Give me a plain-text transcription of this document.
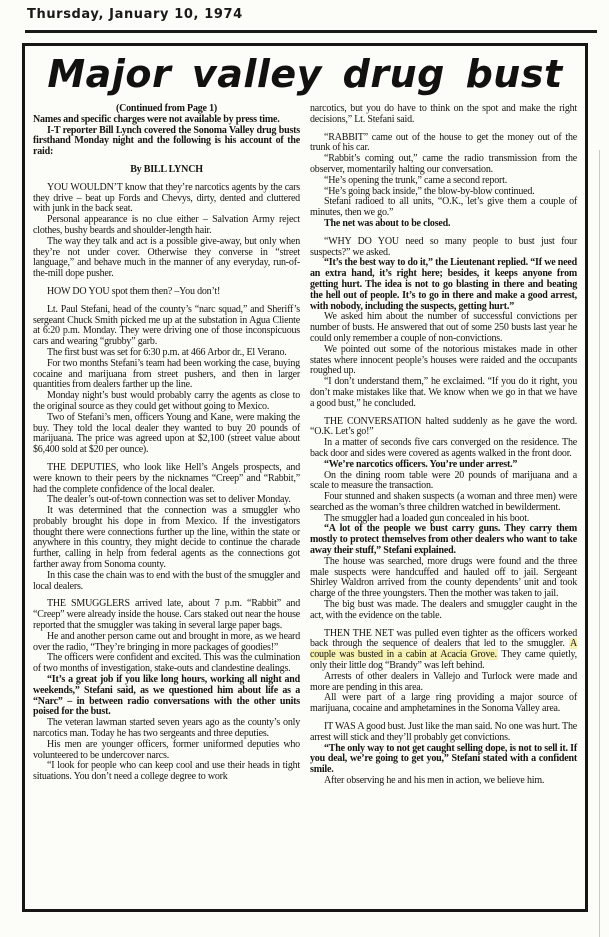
Thursday, January 10, 1974
Major valley drug bust

(Continued from Page 1)

Names and specific charges were not available by press time.

I-T reporter Bill Lynch covered the Sonoma Valley drug busts firsthand Monday night and the following is his account of the raid:

By BILL LYNCH

YOU WOULDN’T know that they’re narcotics agents by the cars they drive – beat up Fords and Chevys, dirty, dented and cluttered with junk in the back seat.

Personal appearance is no clue either – Salvation Army reject clothes, bushy beards and shoulder-length hair.

The way they talk and act is a possible give-away, but only when they’re not under cover. Otherwise they converse in “street language,” and behave much in the manner of any everyday, run-of-the-mill dope pusher.

HOW DO YOU spot them then? –You don’t!

Lt. Paul Stefani, head of the county’s “narc squad,” and Sheriff’s sergeant Chuck Smith picked me up at the substation in Agua Cliente at 6:20 p.m. Monday. They were driving one of those inconspicuous cars and wearing “grubby” garb.

The first bust was set for 6:30 p.m. at 466 Arbor dr., El Verano.

For two months Stefani’s team had been working the case, buying cocaine and marijuana from street pushers, and then in larger quantities from dealers farther up the line.

Monday night’s bust would probably carry the agents as close to the original source as they could get without going to Mexico.

Two of Stefani’s men, officers Young and Kane, were making the buy. They told the local dealer they wanted to buy 20 pounds of marijuana. The price was agreed upon at $2,100 (street value about $6,400 sold at $20 per ounce).

THE DEPUTIES, who look like Hell’s Angels prospects, and were known to their peers by the nicknames “Creep” and “Rabbit,” had the complete confidence of the local dealer.

The dealer’s out-of-town connection was set to deliver Monday.

It was determined that the connection was a smuggler who probably brought his dope in from Mexico. If the investigators thought there were connections further up the line, within the state or anywhere in this country, they might decide to continue the charade further, calling in help from federal agents as the connections got farther away from Sonoma county.

In this case the chain was to end with the bust of the smuggler and local dealers.

THE SMUGGLERS arrived late, about 7 p.m. “Rabbit” and “Creep” were already inside the house. Cars staked out near the house reported that the smuggler was taking in several large paper bags.

He and another person came out and brought in more, as we heard over the radio, “They’re bringing in more packages of goodies!”

The officers were confident and excited. This was the culmination of two months of investigation, stake-outs and clandestine dealings.

“It’s a great job if you like long hours, working all night and weekends,” Stefani said, as we questioned him about life as a “Narc” – in between radio conversations with the other units poised for the bust.

The veteran lawman started seven years ago as the county’s only narcotics man. Today he has two sergeants and three deputies.

His men are younger officers, former uniformed deputies who volunteered to be undercover narcs.

“I look for people who can keep cool and use their heads in tight situations. You don’t need a college degree to work

narcotics, but you do have to think on the spot and make the right decisions,” Lt. Stefani said.

“RABBIT” came out of the house to get the money out of the trunk of his car.

“Rabbit’s coming out,” came the radio transmission from the observer, momentarily halting our conversation.

“He’s opening the trunk,” came a second report.

“He’s going back inside,” the blow-by-blow continued.

Stefani radioed to all units, “O.K., let’s give them a couple of minutes, then we go.”

The net was about to be closed.

“WHY DO YOU need so many people to bust just four suspects?” we asked.

“It’s the best way to do it,” the Lieutenant replied. “If we need an extra hand, it’s right here; besides, it keeps anyone from getting hurt. The idea is not to go blasting in there and beating the hell out of people. It’s to go in there and make a good arrest, with nobody, including the suspects, getting hurt.”

We asked him about the number of successful convictions per number of busts. He answered that out of some 250 busts last year he could only remember a couple of non-convictions.

We pointed out some of the notorious mistakes made in other states where innocent people’s houses were raided and the occupants roughed up.

“I don’t understand them,” he exclaimed. “If you do it right, you don’t make mistakes like that. We know when we go in that we have a good bust,” he concluded.

THE CONVERSATION halted suddenly as he gave the word. “O.K. Let’s go!”

In a matter of seconds five cars converged on the residence. The back door and sides were covered as agents walked in the front door.

“We’re narcotics officers. You’re under arrest.”

On the dining room table were 20 pounds of marijuana and a scale to measure the transaction.

Four stunned and shaken suspects (a woman and three men) were searched as the woman’s three children watched in bewilderment.

The smuggler had a loaded gun concealed in his boot.

“A lot of the people we bust carry guns. They carry them mostly to protect themselves from other dealers who want to take away their stuff,” Stefani explained.

The house was searched, more drugs were found and the three male suspects were handcuffed and hauled off to jail. Sergeant Shirley Waldron arrived from the county dependents’ unit and took charge of the three youngsters. Then the mother was taken to jail.

The big bust was made. The dealers and smuggler caught in the act, with the evidence on the table.

THEN THE NET was pulled even tighter as the officers worked back through the sequence of dealers that led to the smuggler. A couple was busted in a cabin at Acacia Grove. They came quietly, only their little dog “Brandy” was left behind.

Arrests of other dealers in Vallejo and Turlock were made and more are pending in this area.

All were part of a large ring providing a major source of marijuana, cocaine and amphetamines in the Sonoma Valley area.

IT WAS A good bust. Just like the man said. No one was hurt. The arrest will stick and they’ll probably get convictions.

“The only way to not get caught selling dope, is not to sell it. If you deal, we’re going to get you,” Stefani stated with a confident smile.

After observing he and his men in action, we believe him.
